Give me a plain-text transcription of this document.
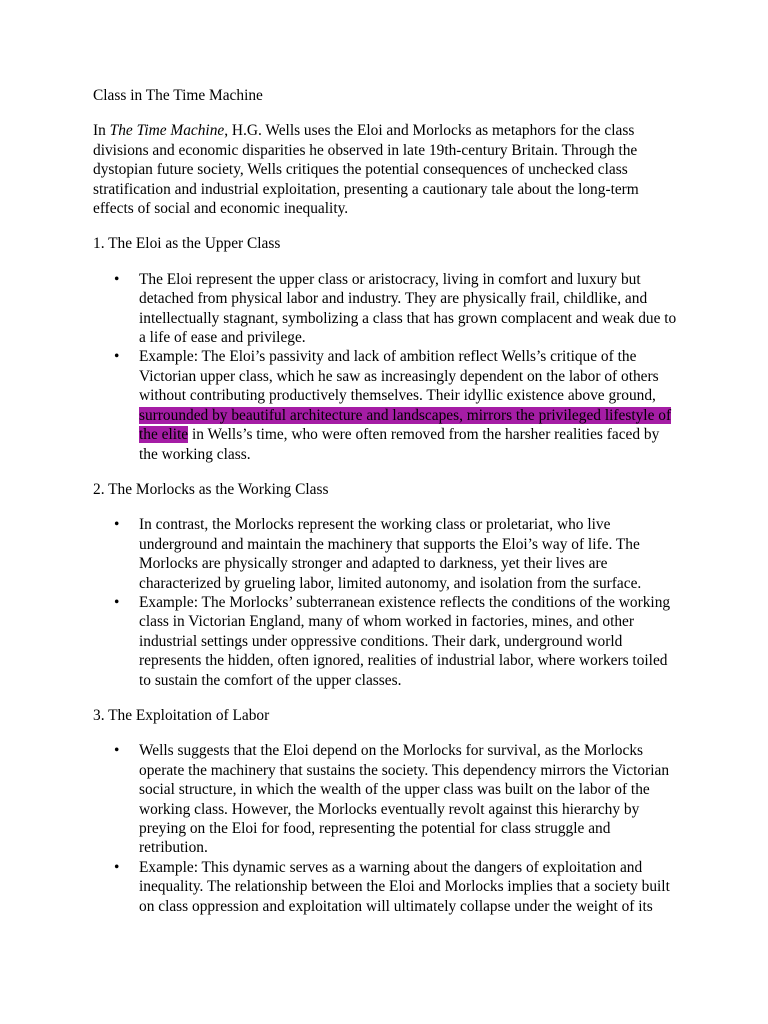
Class in The Time Machine

In The Time Machine, H.G. Wells uses the Eloi and Morlocks as metaphors for the class divisions and economic disparities he observed in late 19th-century Britain. Through the dystopian future society, Wells critiques the potential consequences of unchecked class stratification and industrial exploitation, presenting a cautionary tale about the long-term effects of social and economic inequality.

1. The Eloi as the Upper Class

• The Eloi represent the upper class or aristocracy, living in comfort and luxury but detached from physical labor and industry. They are physically frail, childlike, and intellectually stagnant, symbolizing a class that has grown complacent and weak due to a life of ease and privilege.
• Example: The Eloi’s passivity and lack of ambition reflect Wells’s critique of the Victorian upper class, which he saw as increasingly dependent on the labor of others without contributing productively themselves. Their idyllic existence above ground, surrounded by beautiful architecture and landscapes, mirrors the privileged lifestyle of the elite in Wells’s time, who were often removed from the harsher realities faced by the working class.

2. The Morlocks as the Working Class

• In contrast, the Morlocks represent the working class or proletariat, who live underground and maintain the machinery that supports the Eloi’s way of life. The Morlocks are physically stronger and adapted to darkness, yet their lives are characterized by grueling labor, limited autonomy, and isolation from the surface.
• Example: The Morlocks’ subterranean existence reflects the conditions of the working class in Victorian England, many of whom worked in factories, mines, and other industrial settings under oppressive conditions. Their dark, underground world represents the hidden, often ignored, realities of industrial labor, where workers toiled to sustain the comfort of the upper classes.

3. The Exploitation of Labor

• Wells suggests that the Eloi depend on the Morlocks for survival, as the Morlocks operate the machinery that sustains the society. This dependency mirrors the Victorian social structure, in which the wealth of the upper class was built on the labor of the working class. However, the Morlocks eventually revolt against this hierarchy by preying on the Eloi for food, representing the potential for class struggle and retribution.
• Example: This dynamic serves as a warning about the dangers of exploitation and inequality. The relationship between the Eloi and Morlocks implies that a society built on class oppression and exploitation will ultimately collapse under the weight of its
